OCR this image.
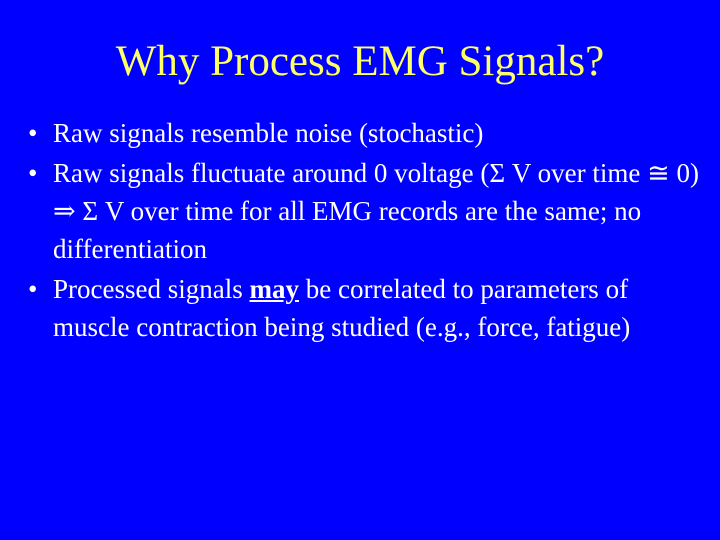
Why Process EMG Signals?
• Raw signals resemble noise (stochastic)
• Raw signals fluctuate around 0 voltage (Σ V over time ≅ 0) ⇒ Σ V over time for all EMG records are the same; no differentiation
• Processed signals may be correlated to parameters of muscle contraction being studied (e.g., force, fatigue)
